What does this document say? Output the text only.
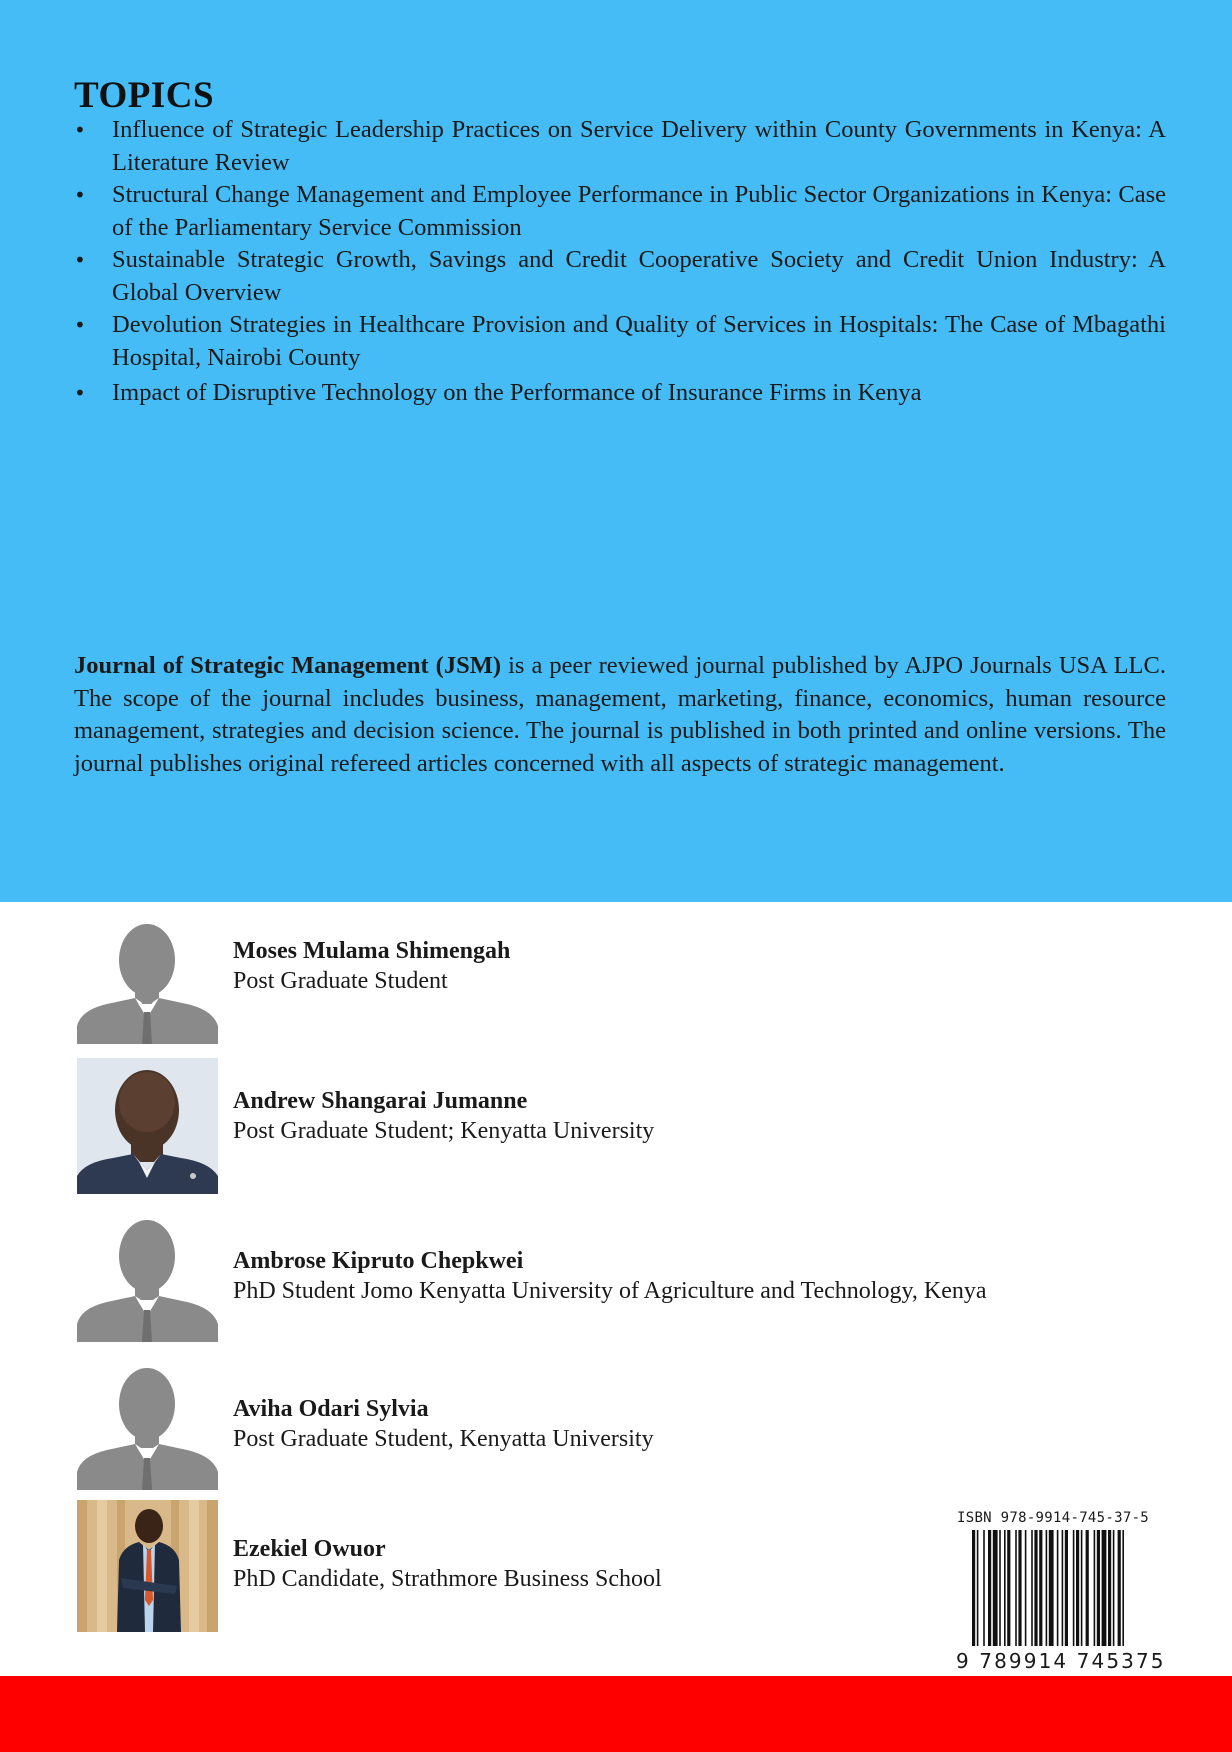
TOPICS
• Influence of Strategic Leadership Practices on Service Delivery within County Governments in Kenya: A Literature Review
• Structural Change Management and Employee Performance in Public Sector Organizations in Kenya: Case of the Parliamentary Service Commission
• Sustainable Strategic Growth, Savings and Credit Cooperative Society and Credit Union Industry: A Global Overview
• Devolution Strategies in Healthcare Provision and Quality of Services in Hospitals: The Case of Mbagathi Hospital, Nairobi County
• Impact of Disruptive Technology on the Performance of Insurance Firms in Kenya

Journal of Strategic Management (JSM) is a peer reviewed journal published by AJPO Journals USA LLC. The scope of the journal includes business, management, marketing, finance, economics, human resource management, strategies and decision science. The journal is published in both printed and online versions. The journal publishes original refereed articles concerned with all aspects of strategic management.

Moses Mulama Shimengah
Post Graduate Student
Andrew Shangarai Jumanne
Post Graduate Student; Kenyatta University
Ambrose Kipruto Chepkwei
PhD Student Jomo Kenyatta University of Agriculture and Technology, Kenya
Aviha Odari Sylvia
Post Graduate Student, Kenyatta University
Ezekiel Owuor
PhD Candidate, Strathmore Business School
ISBN 978-9914-745-37-5
9 789914 745375
